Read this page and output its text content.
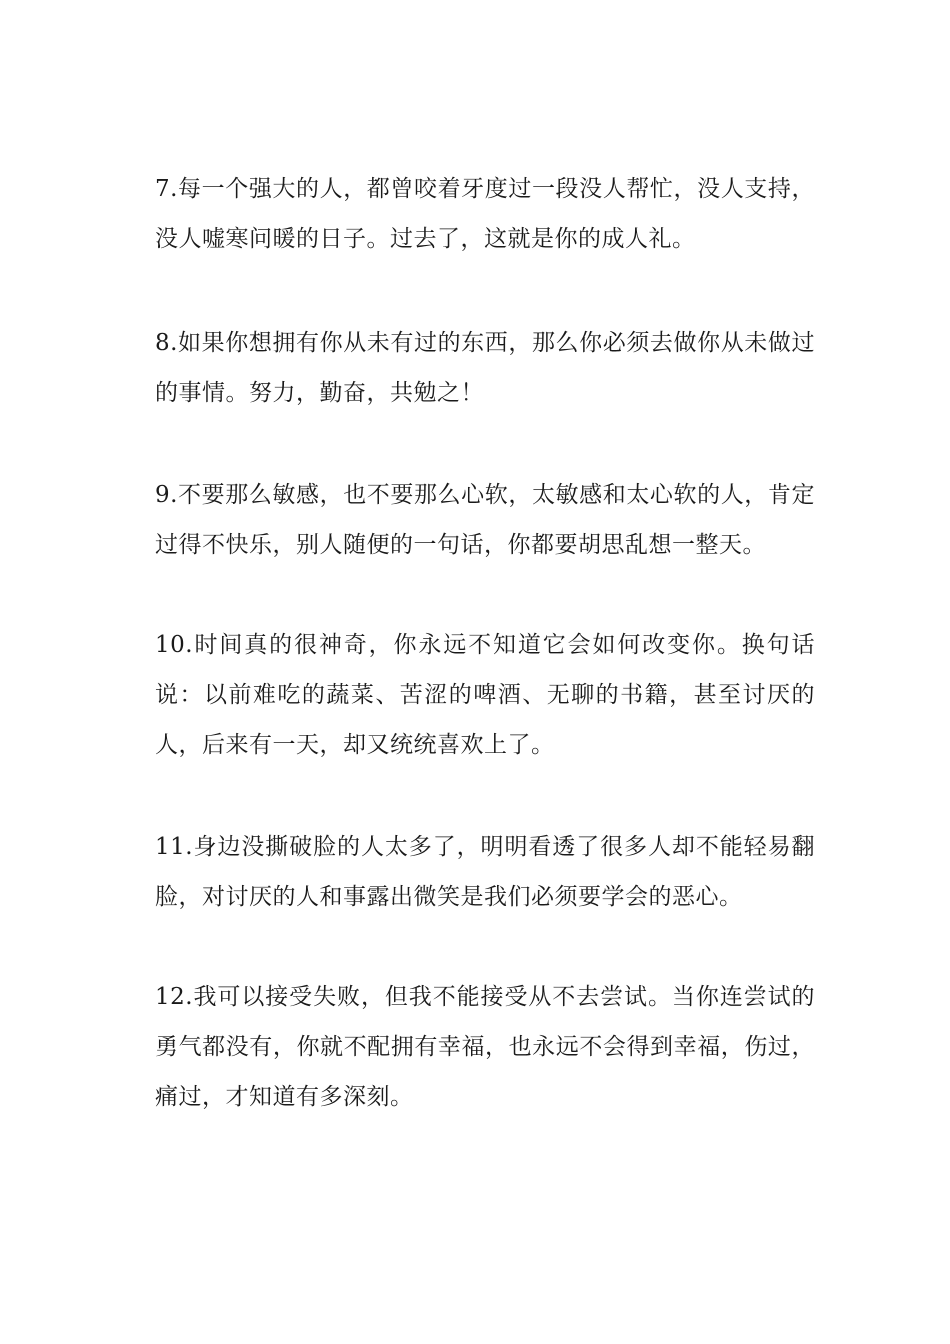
7.每一个强大的人，都曾咬着牙度过一段没人帮忙，没人支持，没人嘘寒问暖的日子。过去了，这就是你的成人礼。

8.如果你想拥有你从未有过的东西，那么你必须去做你从未做过的事情。努力，勤奋，共勉之！

9.不要那么敏感，也不要那么心软，太敏感和太心软的人，肯定过得不快乐，别人随便的一句话，你都要胡思乱想一整天。

10.时间真的很神奇，你永远不知道它会如何改变你。换句话说：以前难吃的蔬菜、苦涩的啤酒、无聊的书籍，甚至讨厌的人，后来有一天，却又统统喜欢上了。

11.身边没撕破脸的人太多了，明明看透了很多人却不能轻易翻脸，对讨厌的人和事露出微笑是我们必须要学会的恶心。

12.我可以接受失败，但我不能接受从不去尝试。当你连尝试的勇气都没有，你就不配拥有幸福，也永远不会得到幸福，伤过，痛过，才知道有多深刻。
